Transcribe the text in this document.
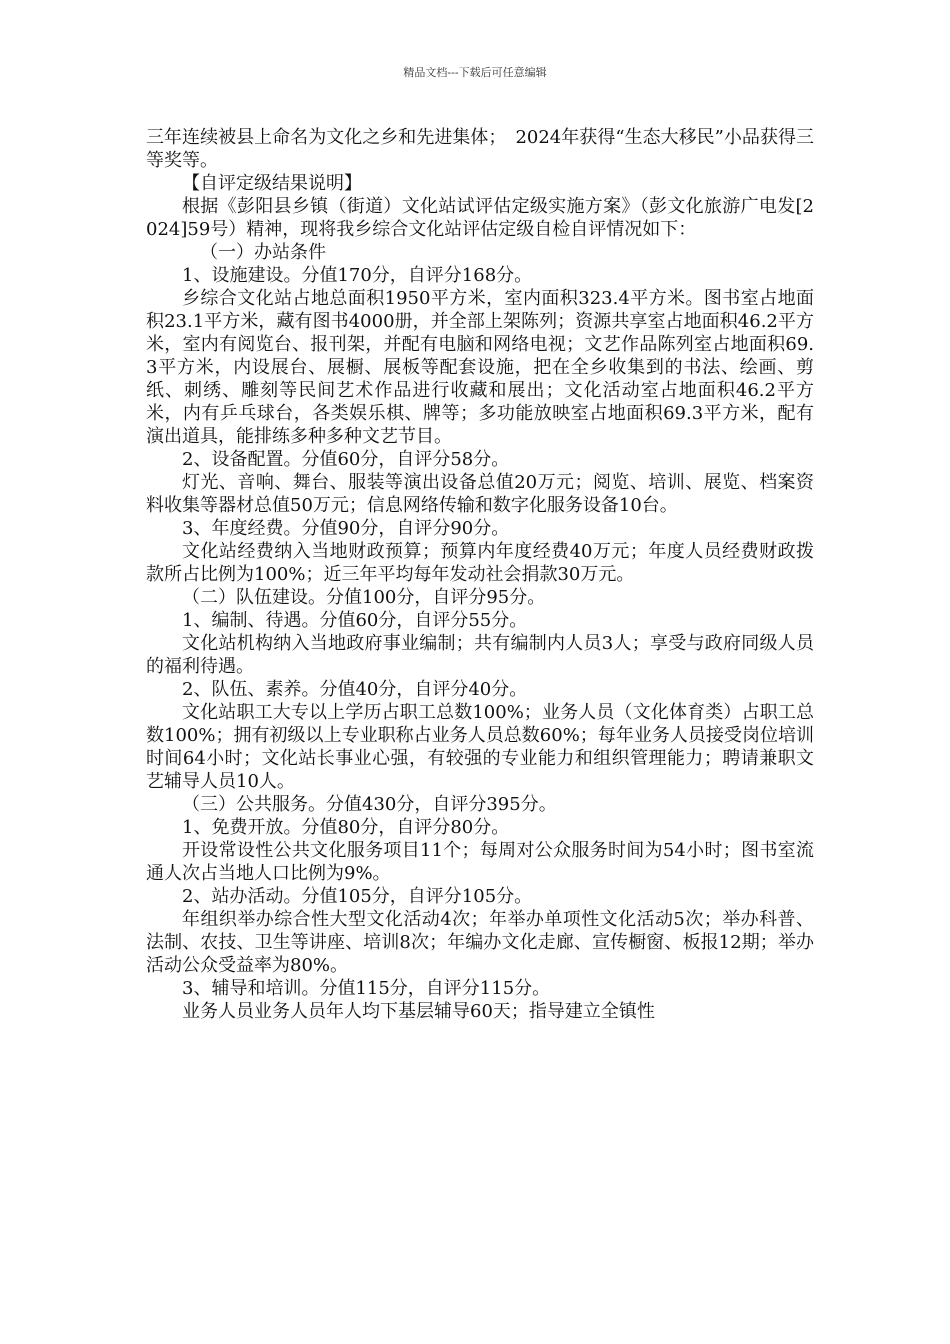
精品文档---下载后可任意编辑

三年连续被县上命名为文化之乡和先进集体；　2024年获得“生态大移民”小品获得三等奖等。

【自评定级结果说明】

根据《彭阳县乡镇（街道）文化站试评估定级实施方案》（彭文化旅游广电发[2024]59号）精神，现将我乡综合文化站评估定级自检自评情况如下：

（一）办站条件

1、设施建设。分值170分，自评分168分。

乡综合文化站占地总面积1950平方米，室内面积323.4平方米。图书室占地面积23.1平方米，藏有图书4000册，并全部上架陈列；资源共享室占地面积46.2平方米，室内有阅览台、报刊架，并配有电脑和网络电视；文艺作品陈列室占地面积69.3平方米，内设展台、展橱、展板等配套设施，把在全乡收集到的书法、绘画、剪纸、刺绣、雕刻等民间艺术作品进行收藏和展出；文化活动室占地面积46.2平方米，内有乒乓球台，各类娱乐棋、牌等；多功能放映室占地面积69.3平方米，配有演出道具，能排练多种多种文艺节目。

2、设备配置。分值60分，自评分58分。

灯光、音响、舞台、服装等演出设备总值20万元；阅览、培训、展览、档案资料收集等器材总值50万元；信息网络传输和数字化服务设备10台。

3、年度经费。分值90分，自评分90分。

文化站经费纳入当地财政预算；预算内年度经费40万元；年度人员经费财政拨款所占比例为100%；近三年平均每年发动社会捐款30万元。

（二）队伍建设。分值100分，自评分95分。

1、编制、待遇。分值60分，自评分55分。

文化站机构纳入当地政府事业编制；共有编制内人员3人；享受与政府同级人员的福利待遇。

2、队伍、素养。分值40分，自评分40分。

文化站职工大专以上学历占职工总数100%；业务人员（文化体育类）占职工总数100%；拥有初级以上专业职称占业务人员总数60%；每年业务人员接受岗位培训时间64小时；文化站长事业心强，有较强的专业能力和组织管理能力；聘请兼职文艺辅导人员10人。

（三）公共服务。分值430分，自评分395分。

1、免费开放。分值80分，自评分80分。

开设常设性公共文化服务项目11个；每周对公众服务时间为54小时；图书室流通人次占当地人口比例为9%。

2、站办活动。分值105分，自评分105分。

年组织举办综合性大型文化活动4次；年举办单项性文化活动5次；举办科普、法制、农技、卫生等讲座、培训8次；年编办文化走廊、宣传橱窗、板报12期；举办活动公众受益率为80%。

3、辅导和培训。分值115分，自评分115分。

业务人员业务人员年人均下基层辅导60天；指导建立全镇性
